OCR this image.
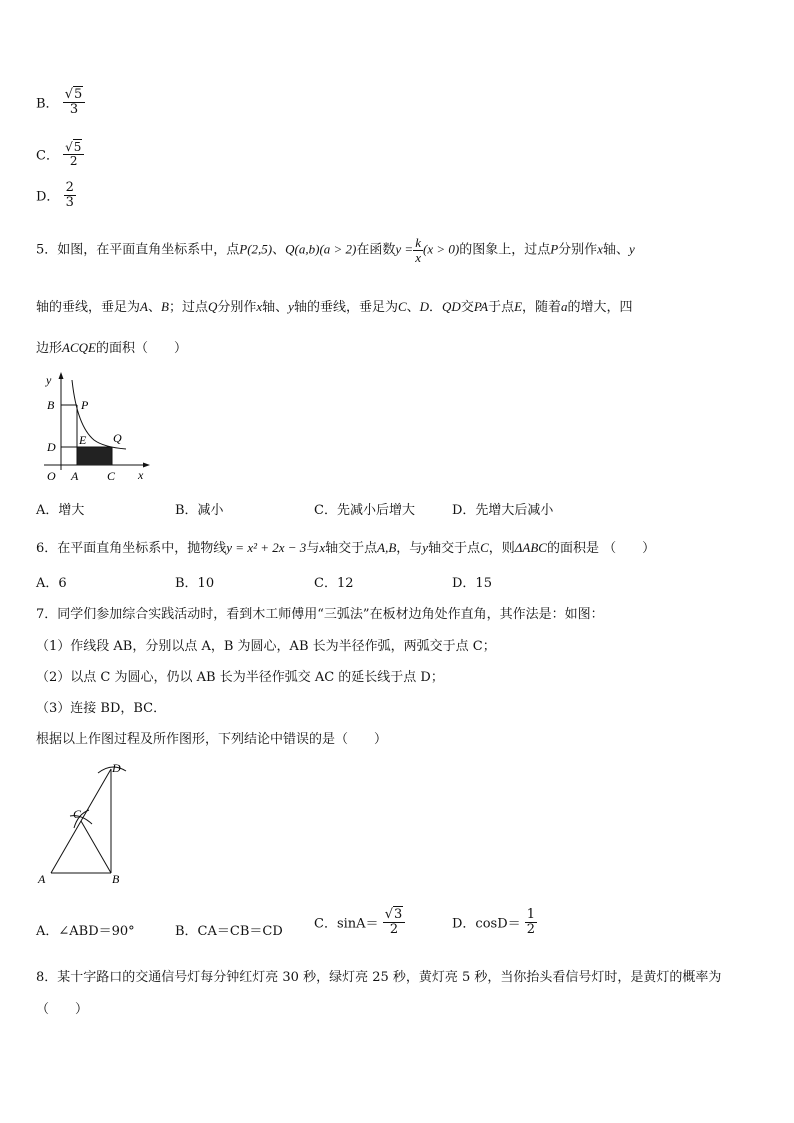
B． $\frac{√5}{3}$
C． $\frac{√5}{2}$
D． $\frac{2}{3}$
5．如图，在平面直角坐标系中，点P(2,5)、Q(a,b)(a > 2)在函数$y = \frac{k}{x} (x > 0)$的图象上，过点P分别作x轴、y
轴的垂线，垂足为A、B；过点Q分别作x轴、y轴的垂线，垂足为C、D．QD交PA于点E，随着a的增大，四
边形ACQE的面积（　　）
y
x
B P
D E Q
O A C
A．增大	B．减小	C．先减小后增大	D．先增大后减小
6．在平面直角坐标系中，抛物线y = x² + 2x − 3与x轴交于点A,B，与y轴交于点C，则ΔABC的面积是 （　　）
A．6	B．10	C．12	D．15
7．同学们参加综合实践活动时，看到木工师傅用“三弧法”在板材边角处作直角，其作法是：如图：
（1）作线段 AB，分别以点 A，B 为圆心，AB 长为半径作弧，两弧交于点 C；
（2）以点 C 为圆心，仍以 AB 长为半径作弧交 AC 的延长线于点 D；
（3）连接 BD，BC．
根据以上作图过程及所作图形，下列结论中错误的是（　　）
D
C
A	B
A．∠ABD＝90°	B．CA＝CB＝CD C．$\sin A= \frac{√3}{2}$	D．$\cos D= \frac{1}{2}$
8．某十字路口的交通信号灯每分钟红灯亮 30 秒，绿灯亮 25 秒，黄灯亮 5 秒，当你抬头看信号灯时，是黄灯的概率为
（　　）
